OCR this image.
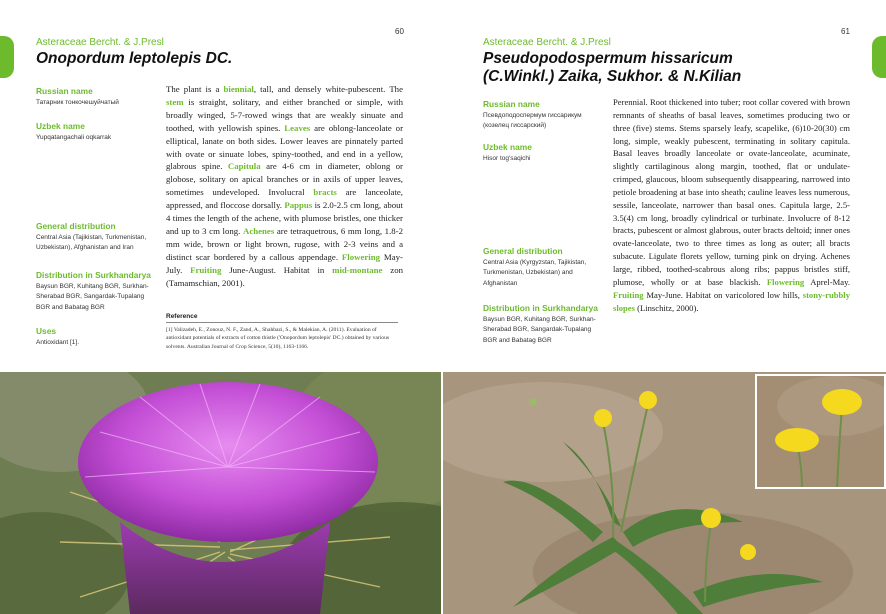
60
Asteraceae Bercht. & J.Presl
Onopordum leptolepis DC.
Russian name
Татарник тонкочешуйчатый
Uzbek name
Yupqatangachali oqkarrak
General distribution
Central Asia (Tajikistan, Turkmenistan,
Uzbekistan), Afghanistan and Iran
Distribution in Surkhandarya
Baysun BGR, Kuhitang BGR, Surkhan-
Sherabad BGR, Sangardak-Tupalang
BGR and Babatag BGR
Uses
Antioxidant [1].
The plant is a biennial, tall, and densely white-pubescent. The stem is straight, solitary, and either branched or simple, with broadly winged, 5-7-rowed wings that are weakly sinuate and toothed, with yellowish spines. Leaves are oblong-lanceolate or elliptical, lanate on both sides. Lower leaves are pinnately parted with ovate or sinuate lobes, spiny-toothed, and end in a yellow, glabrous spine. Capitula are 4-6 cm in diameter, oblong or globose, solitary on apical branches or in axils of upper leaves, sometimes undeveloped. Involucral bracts are lanceolate, appressed, and floccose dorsally. Pappus is 2.0-2.5 cm long, about 4 times the length of the achene, with plumose bristles, one thicker and up to 3 cm long. Achenes are tetraquetrous, 6 mm long, 1.8-2 mm wide, brown or light brown, rugose, with 2-3 veins and a distinct scar bordered by a callous appendage. Flowering May-July. Fruiting June-August. Habitat in mid-montane zon (Tamamschian, 2001).
Reference
[1] Valizadeh, E., Zonouz, N. F., Zand, A., Shahbazi, S., & Malekian, A. (2011). Evaluation of antioxidant potentials of extracts of cotton thistle ('Onopordum leptolepis' DC.) obtained by various solvents. Australian Journal of Crop Science, 5(10), 1163-1166.
61
Asteraceae Bercht. & J.Presl
Pseudopodospermum hissaricum
(C.Winkl.) Zaika, Sukhor. & N.Kilian
Russian name
Псевдоподоспермум гиссарикум
(козелец гиссарский)
Uzbek name
Hisor tog'saqichi
General distribution
Central Asia (Kyrgyzstan, Tajikistan,
Turkmenistan, Uzbekistan) and
Afghanistan
Distribution in Surkhandarya
Baysun BGR, Kuhitang BGR, Surkhan-
Sherabad BGR, Sangardak-Tupalang
BGR and Babatag BGR
Perennial. Root thickened into tuber; root collar covered with brown remnants of sheaths of basal leaves, sometimes producing two or three (five) stems. Stems sparsely leafy, scapelike, (6)10-20(30) cm long, simple, weakly pubescent, terminating in solitary capitula. Basal leaves broadly lanceolate or ovate-lanceolate, acuminate, slightly cartilaginous along margin, toothed, flat or undulate-crimped, glaucous, bloom subsequently disappearing, narrowed into petiole broadening at base into sheath; cauline leaves less numerous, sessile, lanceolate, narrower than basal ones. Capitula large, 2.5-3.5(4) cm long, broadly cylindrical or turbinate. Involucre of 8-12 bracts, pubescent or almost glabrous, outer bracts deltoid; inner ones ovate-lanceolate, two to three times as long as outer; all bracts subacute. Ligulate florets yellow, turning pink on drying. Achenes large, ribbed, toothed-scabrous along ribs; pappus bristles stiff, plumose, wholly or at base blackish. Flowering Aprel-May. Fruiting May-June. Habitat on varicolored low hills, stony-rubbly slopes (Linschitz, 2000).
